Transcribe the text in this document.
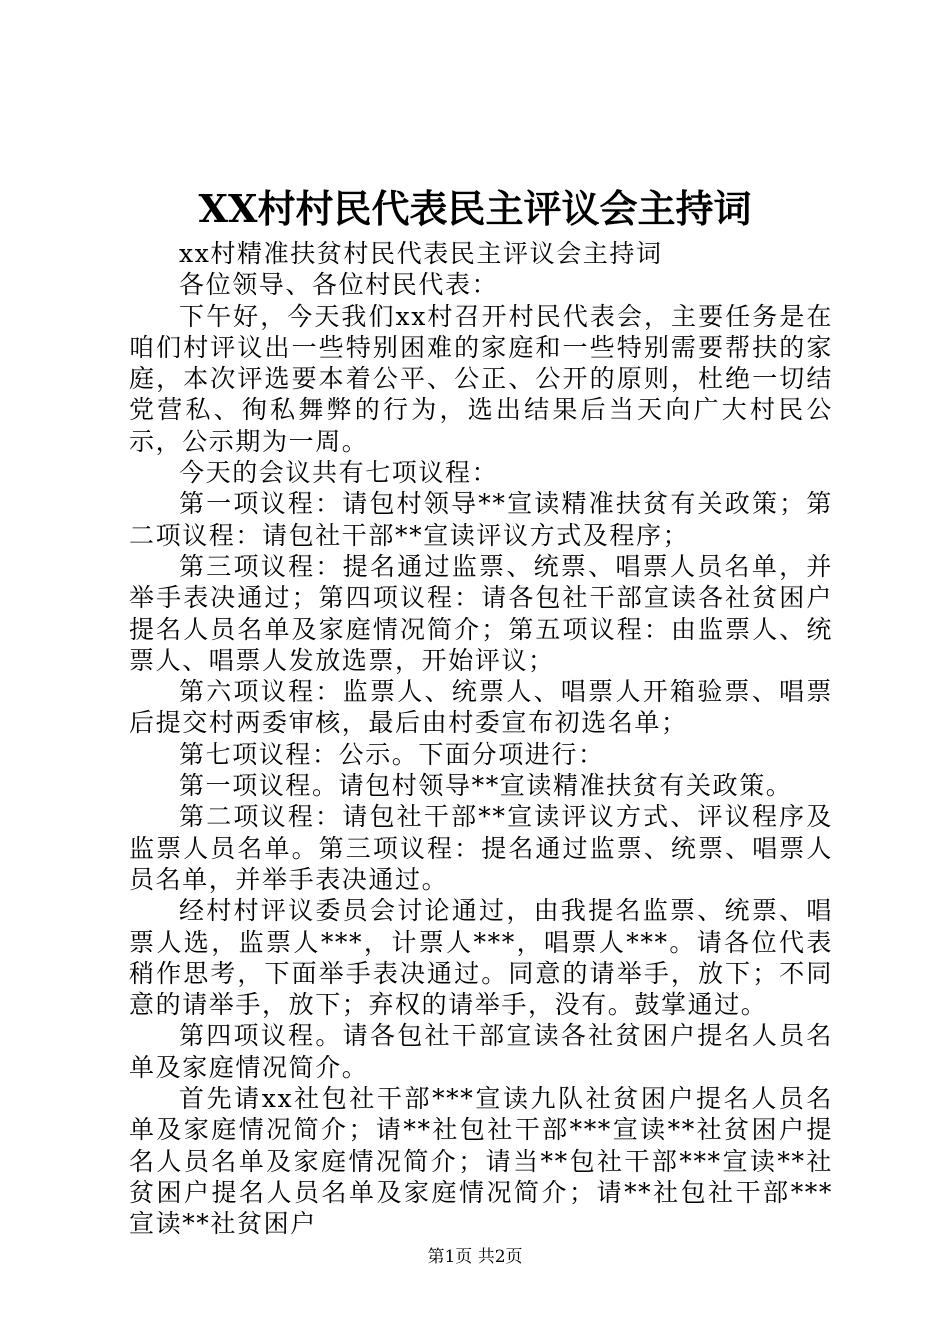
XX村村民代表民主评议会主持词

xx村精准扶贫村民代表民主评议会主持词

各位领导、各位村民代表：

下午好，今天我们xx村召开村民代表会，主要任务是在咱们村评议出一些特别困难的家庭和一些特别需要帮扶的家庭，本次评选要本着公平、公正、公开的原则，杜绝一切结党营私、徇私舞弊的行为，选出结果后当天向广大村民公示，公示期为一周。

今天的会议共有七项议程：

第一项议程：请包村领导**宣读精准扶贫有关政策；第二项议程：请包社干部**宣读评议方式及程序；

第三项议程：提名通过监票、统票、唱票人员名单，并举手表决通过；第四项议程：请各包社干部宣读各社贫困户提名人员名单及家庭情况简介；第五项议程：由监票人、统票人、唱票人发放选票，开始评议；

第六项议程：监票人、统票人、唱票人开箱验票、唱票后提交村两委审核，最后由村委宣布初选名单；

第七项议程：公示。下面分项进行：

第一项议程。请包村领导**宣读精准扶贫有关政策。

第二项议程：请包社干部**宣读评议方式、评议程序及监票人员名单。第三项议程：提名通过监票、统票、唱票人员名单，并举手表决通过。

经村村评议委员会讨论通过，由我提名监票、统票、唱票人选，监票人***，计票人***，唱票人***。请各位代表稍作思考，下面举手表决通过。同意的请举手，放下；不同意的请举手，放下；弃权的请举手，没有。鼓掌通过。

第四项议程。请各包社干部宣读各社贫困户提名人员名单及家庭情况简介。

首先请xx社包社干部***宣读九队社贫困户提名人员名单及家庭情况简介；请**社包社干部***宣读**社贫困户提名人员名单及家庭情况简介；请当**包社干部***宣读**社贫困户提名人员名单及家庭情况简介；请**社包社干部***宣读**社贫困户

第1页 共2页
